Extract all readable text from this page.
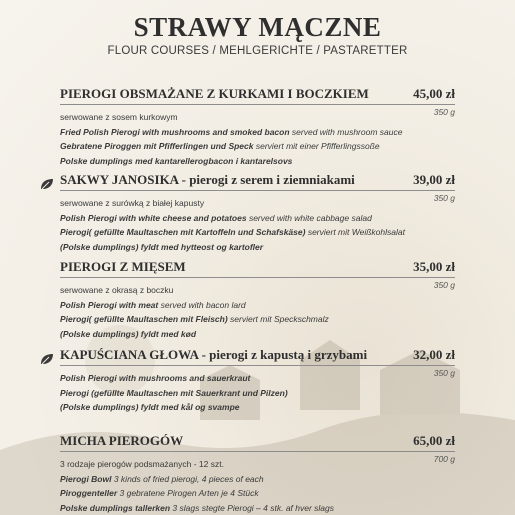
STRAWY MĄCZNE
FLOUR COURSES / MEHLGERICHTE / PASTARETTER
PIEROGI OBSMAŻANE Z KURKAMI I BOCZKIEM	45,00 zł
350 g
serwowane z sosem kurkowym
Fried Polish Pierogi with mushrooms and smoked bacon served with mushroom sauce
Gebratene Piroggen mit Pfifferlingen und Speck serviert mit einer Pfifferlingssoße
Polske dumplings med kantarellerogbacon i kantarelsovs
SAKWY JANOSIKA - pierogi z serem i ziemniakami	39,00 zł
350 g
serwowane z surówką z białej kapusty
Polish Pierogi with white cheese and potatoes served with white cabbage salad
Pierogi( gefüllte Maultaschen mit Kartoffeln und Schafskäse) serviert mit Weißkohlsalat
(Polske dumplings) fyldt med hytteost og kartofler
PIEROGI Z MIĘSEM	35,00 zł
350 g
serwowane z okrasą z boczku
Polish Pierogi with meat served with bacon lard
Pierogi( gefüllte Maultaschen mit Fleisch) serviert mit Speckschmalz
(Polske dumplings) fyldt med kød
KAPUŚCIANA GŁOWA - pierogi z kapustą i grzybami	32,00 zł
350 g
Polish Pierogi with mushrooms and sauerkraut
Pierogi (gefüllte Maultaschen mit Sauerkrant und Pilzen)
(Polske dumplings) fyldt med kål og svampe
MICHA PIEROGÓW	65,00 zł
700 g
3 rodzaje pierogów podsmażanych - 12 szt.
Pierogi Bowl 3 kinds of fried pierogi, 4 pieces of each
Piroggenteller 3 gebratene Pirogen Arten je 4 Stück
Polske dumplings tallerken 3 slags stegte Pierogi – 4 stk. af hver slags
